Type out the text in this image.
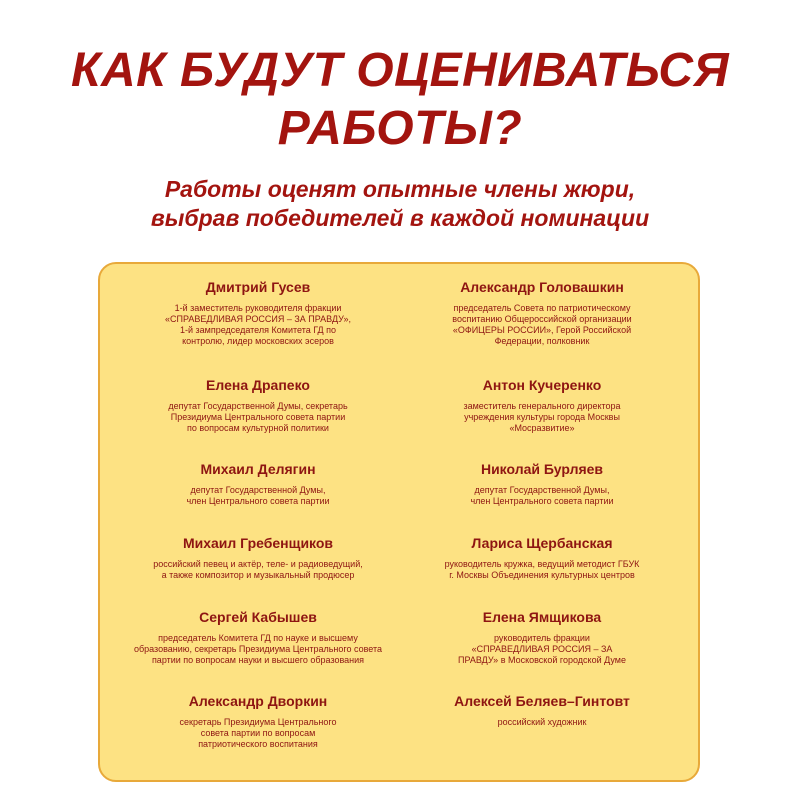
КАК БУДУТ ОЦЕНИВАТЬСЯ
РАБОТЫ?
Работы оценят опытные члены жюри,
выбрав победителей в каждой номинации
Дмитрий Гусев
1-й заместитель руководителя фракции
«СПРАВЕДЛИВАЯ РОССИЯ – ЗА ПРАВДУ»,
1-й зампредседателя Комитета ГД по
контролю, лидер московских эсеров
Елена Драпеко
депутат Государственной Думы, секретарь
Президиума Центрального совета партии
по вопросам культурной политики
Михаил Делягин
депутат Государственной Думы,
член Центрального совета партии
Михаил Гребенщиков
российский певец и актёр, теле- и радиоведущий,
а также композитор и музыкальный продюсер
Сергей Кабышев
председатель Комитета ГД по науке и высшему
образованию, секретарь Президиума Центрального совета
партии по вопросам науки и высшего образования
Александр Дворкин
секретарь Президиума Центрального
совета партии по вопросам
патриотического воспитания
Александр Головашкин
председатель Совета по патриотическому
воспитанию Общероссийской организации
«ОФИЦЕРЫ РОССИИ», Герой Российской
Федерации, полковник
Антон Кучеренко
заместитель генерального директора
учреждения культуры города Москвы
«Мосразвитие»
Николай Бурляев
депутат Государственной Думы,
член Центрального совета партии
Лариса Щербанская
руководитель кружка, ведущий методист ГБУК
г. Москвы Объединения культурных центров
Елена Ямщикова
руководитель фракции
«СПРАВЕДЛИВАЯ РОССИЯ – ЗА
ПРАВДУ» в Московской городской Думе
Алексей Беляев–Гинтовт
российский художник
